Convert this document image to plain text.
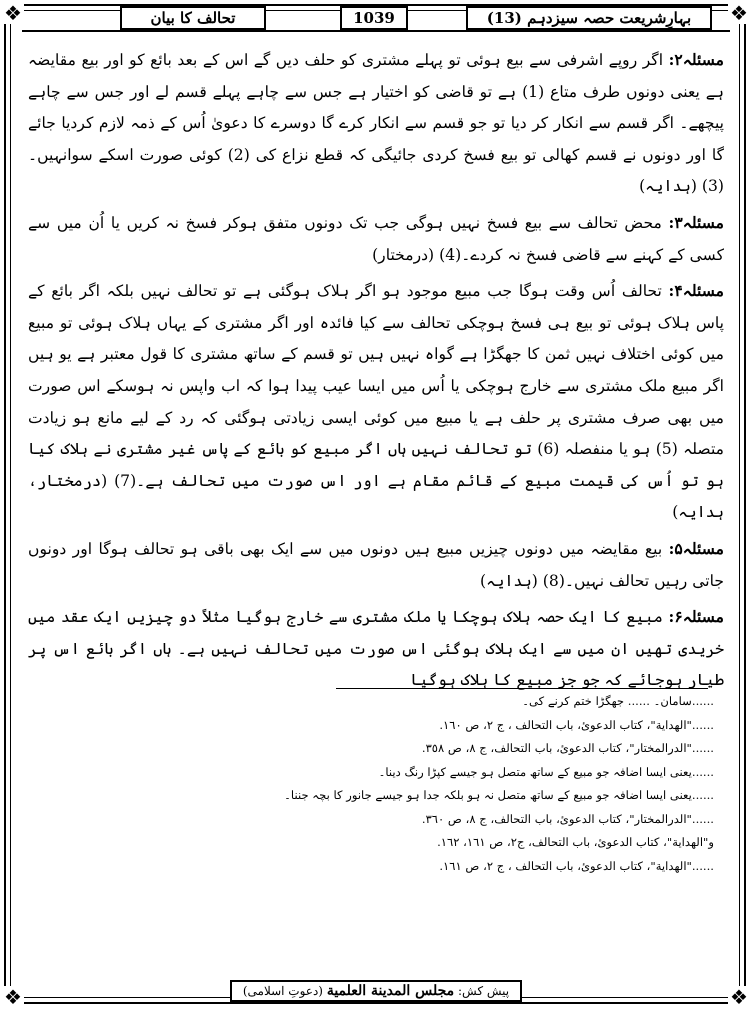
❖	❖
❖	❖
تحالف کا بیان	1039	بہارِشریعت حصہ سیزدہم (13)

مسئلہ۲: اگر روپے اشرفی سے بیع ہوئی تو پہلے مشتری کو حلف دیں گے اس کے بعد بائع کو اور بیع مقایضہ ہے یعنی دونوں طرف متاع (1) ہے تو قاضی کو اختیار ہے جس سے چاہے پہلے قسم لے اور جس سے چاہے پیچھے۔ اگر قسم سے انکار کر دیا تو جو قسم سے انکار کرے گا دوسرے کا دعویٰ اُس کے ذمہ لازم کردیا جائے گا اور دونوں نے قسم کھالی تو بیع فسخ کردی جائیگی کہ قطع نزاع کی (2) کوئی صورت اسکے سوانہیں۔(3) (ہدایہ)

مسئلہ۳: محض تحالف سے بیع فسخ نہیں ہوگی جب تک دونوں متفق ہوکر فسخ نہ کریں یا اُن میں سے کسی کے کہنے سے قاضی فسخ نہ کردے۔(4) (درمختار)

مسئلہ۴: تحالف اُس وقت ہوگا جب مبیع موجود ہو اگر ہلاک ہوگئی ہے تو تحالف نہیں بلکہ اگر بائع کے پاس ہلاک ہوئی تو بیع ہی فسخ ہوچکی تحالف سے کیا فائدہ اور اگر مشتری کے یہاں ہلاک ہوئی تو مبیع میں کوئی اختلاف نہیں ثمن کا جھگڑا ہے گواہ نہیں ہیں تو قسم کے ساتھ مشتری کا قول معتبر ہے یو ہیں اگر مبیع ملک مشتری سے خارج ہوچکی یا اُس میں ایسا عیب پیدا ہوا کہ اب واپس نہ ہوسکے اس صورت میں بھی صرف مشتری پر حلف ہے یا مبیع میں کوئی ایسی زیادتی ہوگئی کہ رد کے لیے مانع ہو زیادت متصلہ (5) ہو یا منفصلہ (6) تو تحالف نہیں ہاں اگر مبیع کو بائع کے پاس غیر مشتری نے ہلاک کیا ہو تو اُس کی قیمت مبیع کے قائم مقام ہے اور اس صورت میں تحالف ہے۔(7) (درمختار، ہدایہ)

مسئلہ۵: بیع مقایضہ میں دونوں چیزیں مبیع ہیں دونوں میں سے ایک بھی باقی ہو تحالف ہوگا اور دونوں جاتی رہیں تحالف نہیں۔(8) (ہدایہ)

مسئلہ۶: مبیع کا ایک حصہ ہلاک ہوچکا یا ملک مشتری سے خارج ہوگیا مثلاً دو چیزیں ایک عقد میں خریدی تھیں ان میں سے ایک ہلاک ہوگئی اس صورت میں تحالف نہیں ہے۔ ہاں اگر بائع اس پر طیار ہوجائے کہ جو جز مبیع کا ہلاک ہوگیا

......سامان۔ ...... جھگڑا ختم کرنے کی۔
......"الهداية"، كتاب الدعوئ، باب التحالف ، ج ٢، ص ١٦٠.
......"الدرالمختار"، كتاب الدعوئ، باب التحالف، ج ٨، ص ٣٥٨.
......یعنی ایسا اضافہ جو مبیع کے ساتھ متصل ہو جیسے کپڑا رنگ دینا۔
......یعنی ایسا اضافہ جو مبیع کے ساتھ متصل نہ ہو بلکہ جدا ہو جیسے جانور کا بچہ جننا۔
......"الدرالمختار"، كتاب الدعوئ، باب التحالف، ج ٨، ص ٣٦٠.
و"الهداية"، كتاب الدعوئ، باب التحالف، ج٢، ص ١٦١، ١٦٢.
......"الهداية"، كتاب الدعوئ، باب التحالف ، ج ٢، ص ١٦١.
پیش کش: مجلس المدينة العلمية (دعوتِ اسلامی)
